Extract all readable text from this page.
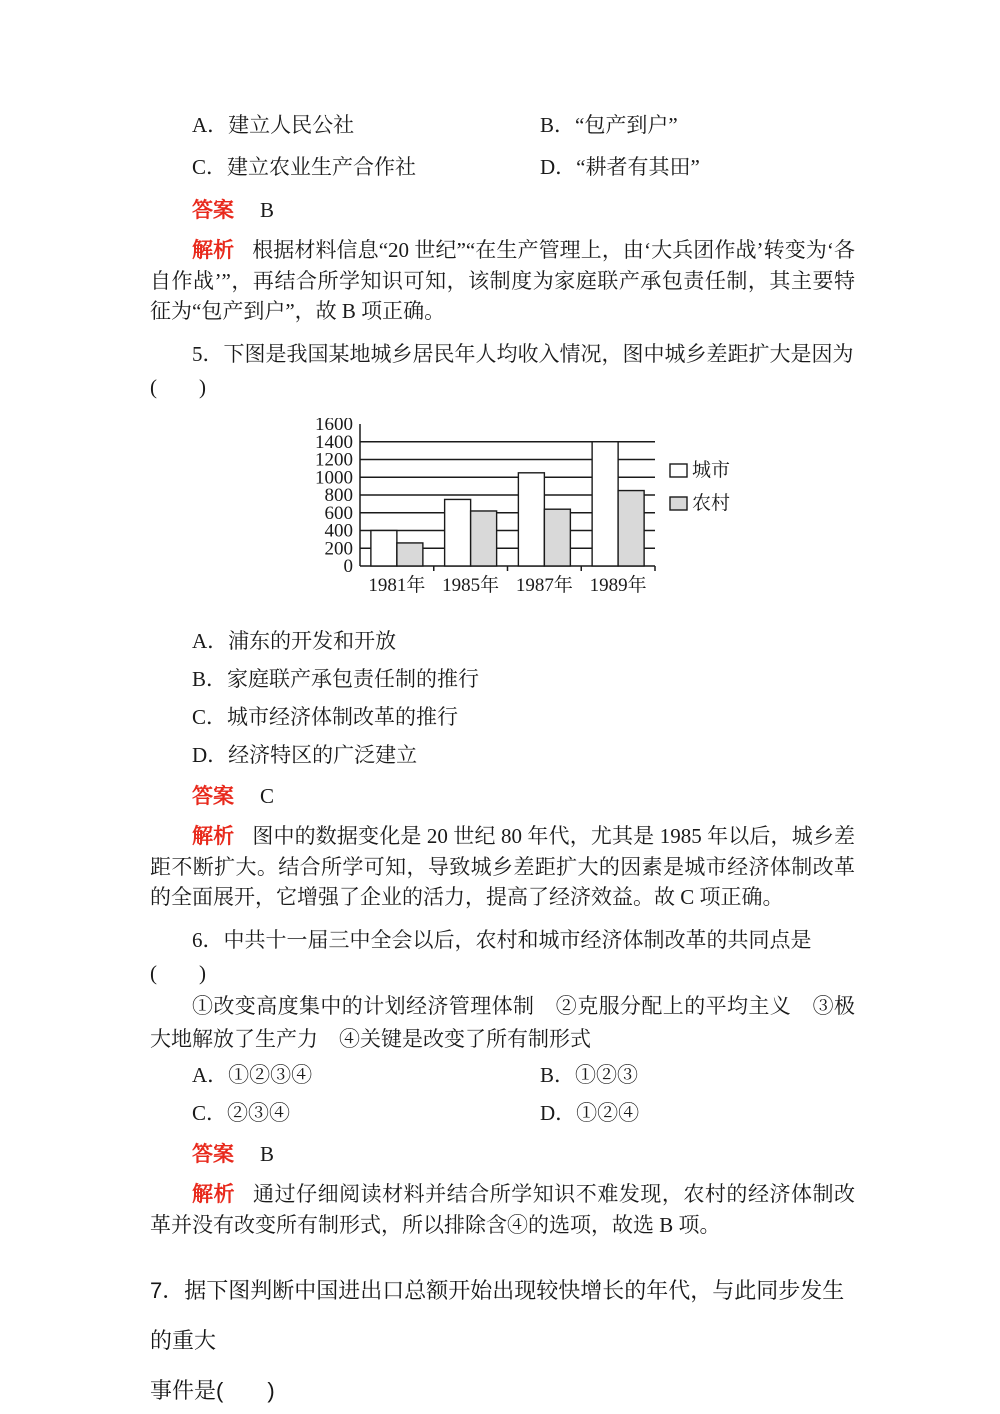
A．建立人民公社	B．“包产到户”
C．建立农业生产合作社	D．“耕者有其田”
答案 B

解析 根据材料信息“20 世纪”“在生产管理上，由‘大兵团作战’转变为‘各自作战’”，再结合所学知识可知，该制度为家庭联产承包责任制，其主要特征为“包产到户”，故 B 项正确。

5．下图是我国某地城乡居民年人均收入情况，图中城乡差距扩大是因为
(　　)
0
200
400
600
800
1000
1200
1400
1600
1981年 1985年 1987年 1989年
城市
农村
A．浦东的开发和开放
B．家庭联产承包责任制的推行
C．城市经济体制改革的推行
D．经济特区的广泛建立
答案 C

解析 图中的数据变化是 20 世纪 80 年代，尤其是 1985 年以后，城乡差距不断扩大。结合所学可知，导致城乡差距扩大的因素是城市经济体制改革的全面展开，它增强了企业的活力，提高了经济效益。故 C 项正确。

6．中共十一届三中全会以后，农村和城市经济体制改革的共同点是(　　)

①改变高度集中的计划经济管理体制　②克服分配上的平均主义　③极大地解放了生产力　④关键是改变了所有制形式

A．①②③④	B．①②③
C．②③④	D．①②④
答案 B

解析 通过仔细阅读材料并结合所学知识不难发现，农村的经济体制改革并没有改变所有制形式，所以排除含④的选项，故选 B 项。

7．据下图判断中国进出口总额开始出现较快增长的年代，与此同步发生的重大
事件是(　　)
